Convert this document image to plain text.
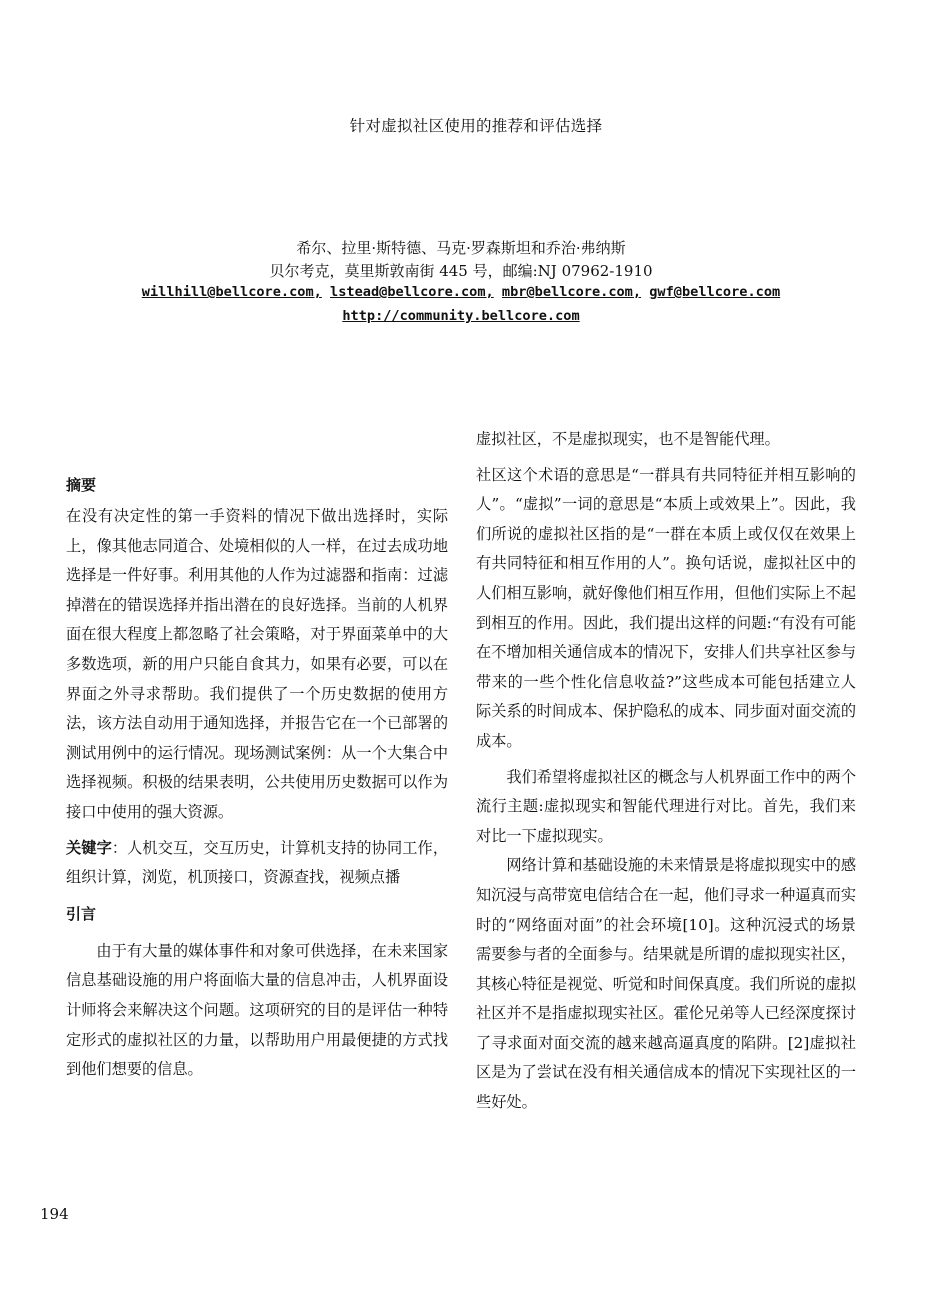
针对虚拟社区使用的推荐和评估选择
希尔、拉里·斯特德、马克·罗森斯坦和乔治·弗纳斯
贝尔考克，莫里斯敦南街 445 号，邮编:NJ 07962-1910
willhill@bellcore.com, lstead@bellcore.com, mbr@bellcore.com, gwf@bellcore.com
http://community.bellcore.com
摘要

在没有决定性的第一手资料的情况下做出选择时，实际上，像其他志同道合、处境相似的人一样，在过去成功地选择是一件好事。利用其他的人作为过滤器和指南：过滤掉潜在的错误选择并指出潜在的良好选择。当前的人机界面在很大程度上都忽略了社会策略，对于界面菜单中的大多数选项，新的用户只能自食其力，如果有必要，可以在界面之外寻求帮助。我们提供了一个历史数据的使用方法，该方法自动用于通知选择，并报告它在一个已部署的测试用例中的运行情况。现场测试案例：从一个大集合中选择视频。积极的结果表明，公共使用历史数据可以作为接口中使用的强大资源。

关键字：人机交互，交互历史，计算机支持的协同工作，组织计算，浏览，机顶接口，资源查找，视频点播

引言

由于有大量的媒体事件和对象可供选择，在未来国家信息基础设施的用户将面临大量的信息冲击，人机界面设计师将会来解决这个问题。这项研究的目的是评估一种特定形式的虚拟社区的力量，以帮助用户用最便捷的方式找到他们想要的信息。

虚拟社区，不是虚拟现实，也不是智能代理。

社区这个术语的意思是“一群具有共同特征并相互影响的人”。“虚拟”一词的意思是“本质上或效果上”。因此，我们所说的虚拟社区指的是“一群在本质上或仅仅在效果上有共同特征和相互作用的人”。换句话说，虚拟社区中的人们相互影响，就好像他们相互作用，但他们实际上不起到相互的作用。因此，我们提出这样的问题:“有没有可能在不增加相关通信成本的情况下，安排人们共享社区参与带来的一些个性化信息收益?”这些成本可能包括建立人际关系的时间成本、保护隐私的成本、同步面对面交流的成本。

我们希望将虚拟社区的概念与人机界面工作中的两个流行主题:虚拟现实和智能代理进行对比。首先，我们来对比一下虚拟现实。

网络计算和基础设施的未来情景是将虚拟现实中的感知沉浸与高带宽电信结合在一起，他们寻求一种逼真而实时的“网络面对面”的社会环境[10]。这种沉浸式的场景需要参与者的全面参与。结果就是所谓的虚拟现实社区，其核心特征是视觉、听觉和时间保真度。我们所说的虚拟社区并不是指虚拟现实社区。霍伦兄弟等人已经深度探讨了寻求面对面交流的越来越高逼真度的陷阱。[2]虚拟社区是为了尝试在没有相关通信成本的情况下实现社区的一些好处。

194
